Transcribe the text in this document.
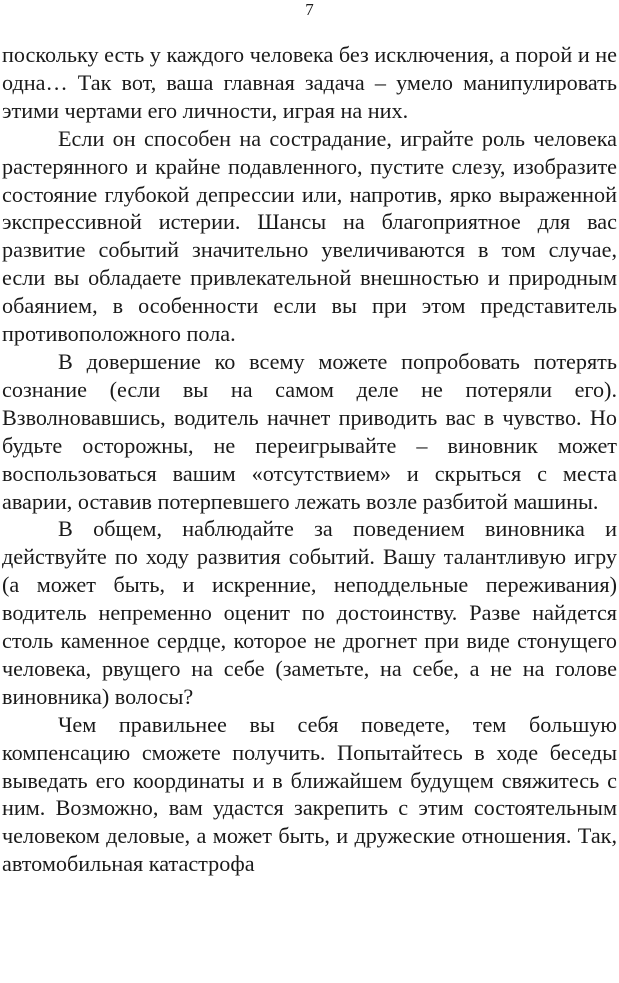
7

поскольку есть у каждого человека без исключения, а порой и не одна… Так вот, ваша главная задача – умело манипулировать этими чертами его личности, играя на них.

Если он способен на сострадание, играйте роль человека растерянного и крайне подавленного, пустите слезу, изобразите состояние глубокой депрессии или, напротив, ярко выраженной экспрессивной истерии. Шансы на благоприятное для вас развитие событий значительно увеличиваются в том случае, если вы обладаете привлекательной внешностью и природным обаянием, в особенности если вы при этом представитель противоположного пола.

В довершение ко всему можете попробовать потерять сознание (если вы на самом деле не потеряли его). Взволновавшись, водитель начнет приводить вас в чувство. Но будьте осторожны, не переигрывайте – виновник может воспользоваться вашим «отсутствием» и скрыться с места аварии, оставив потерпевшего лежать возле разбитой машины.

В общем, наблюдайте за поведением виновника и действуйте по ходу развития событий. Вашу талантливую игру (а может быть, и искренние, неподдельные переживания) водитель непременно оценит по достоинству. Разве найдется столь каменное сердце, которое не дрогнет при виде стонущего человека, рвущего на себе (заметьте, на себе, а не на голове виновника) волосы?

Чем правильнее вы себя поведете, тем большую компенсацию сможете получить. Попытайтесь в ходе беседы выведать его координаты и в ближайшем будущем свяжитесь с ним. Возможно, вам удастся закрепить с этим состоятельным человеком деловые, а может быть, и дружеские отношения. Так, автомобильная катастрофа
